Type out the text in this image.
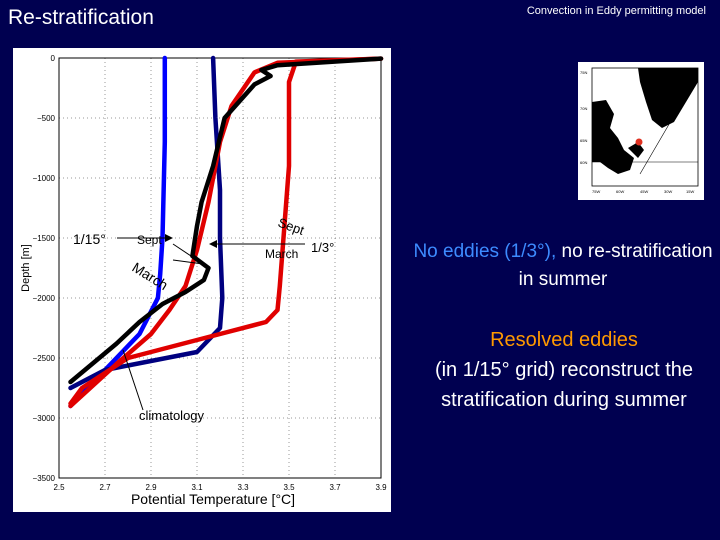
Re-stratification	Convection in Eddy permitting model
2.5	2.7	2.9	3.1	3.3	3.5	3.7	3.9
0
−500
−1000
−1500
−2000
−2500
−3000
−3500
1/15°	Sept
March
Sept
March 1/3°
climatology
Depth [m]
Potential Temperature [°C]
75N
70N
65N
60N
75W	60W	45W	30W	15W
No eddies (1/3°), no re-stratification in summer
Resolved eddies
(in 1/15° grid) reconstruct the stratification during summer
